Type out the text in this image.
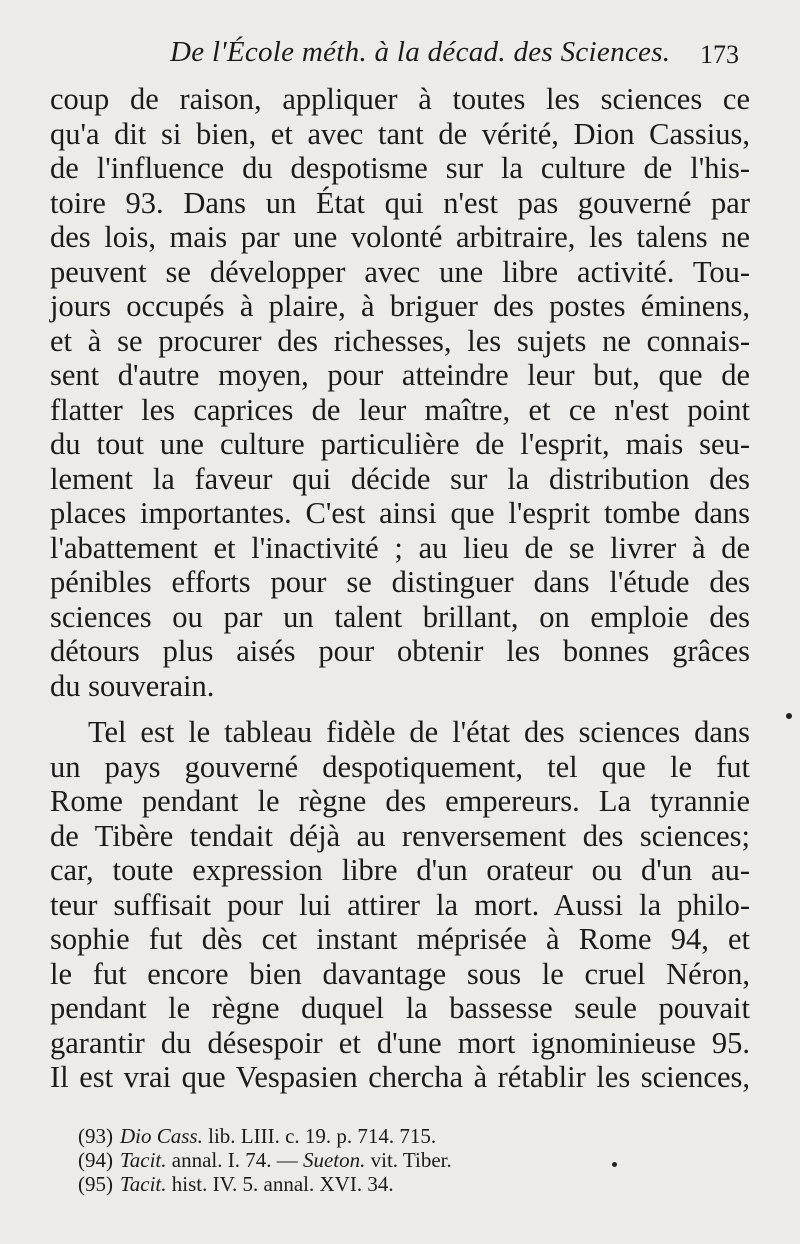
De l'École méth. à la décad. des Sciences. 173
coup de raison, appliquer à toutes les sciences ce
qu'a dit si bien, et avec tant de vérité, Dion Cassius,
de l'influence du despotisme sur la culture de l'his-
toire 93. Dans un État qui n'est pas gouverné par
des lois, mais par une volonté arbitraire, les talens ne
peuvent se développer avec une libre activité. Tou-
jours occupés à plaire, à briguer des postes éminens,
et à se procurer des richesses, les sujets ne connais-
sent d'autre moyen, pour atteindre leur but, que de
flatter les caprices de leur maître, et ce n'est point
du tout une culture particulière de l'esprit, mais seu-
lement la faveur qui décide sur la distribution des
places importantes. C'est ainsi que l'esprit tombe dans
l'abattement et l'inactivité ; au lieu de se livrer à de
pénibles efforts pour se distinguer dans l'étude des
sciences ou par un talent brillant, on emploie des
détours plus aisés pour obtenir les bonnes grâces
du souverain.
Tel est le tableau fidèle de l'état des sciences dans
un pays gouverné despotiquement, tel que le fut
Rome pendant le règne des empereurs. La tyrannie
de Tibère tendait déjà au renversement des sciences;
car, toute expression libre d'un orateur ou d'un au-
teur suffisait pour lui attirer la mort. Aussi la philo-
sophie fut dès cet instant méprisée à Rome 94, et
le fut encore bien davantage sous le cruel Néron,
pendant le règne duquel la bassesse seule pouvait
garantir du désespoir et d'une mort ignominieuse 95.
Il est vrai que Vespasien chercha à rétablir les sciences,
(93) Dio Cass. lib. LIII. c. 19. p. 714. 715.
(94) Tacit. annal. I. 74. — Sueton. vit. Tiber.
(95) Tacit. hist. IV. 5. annal. XVI. 34.
